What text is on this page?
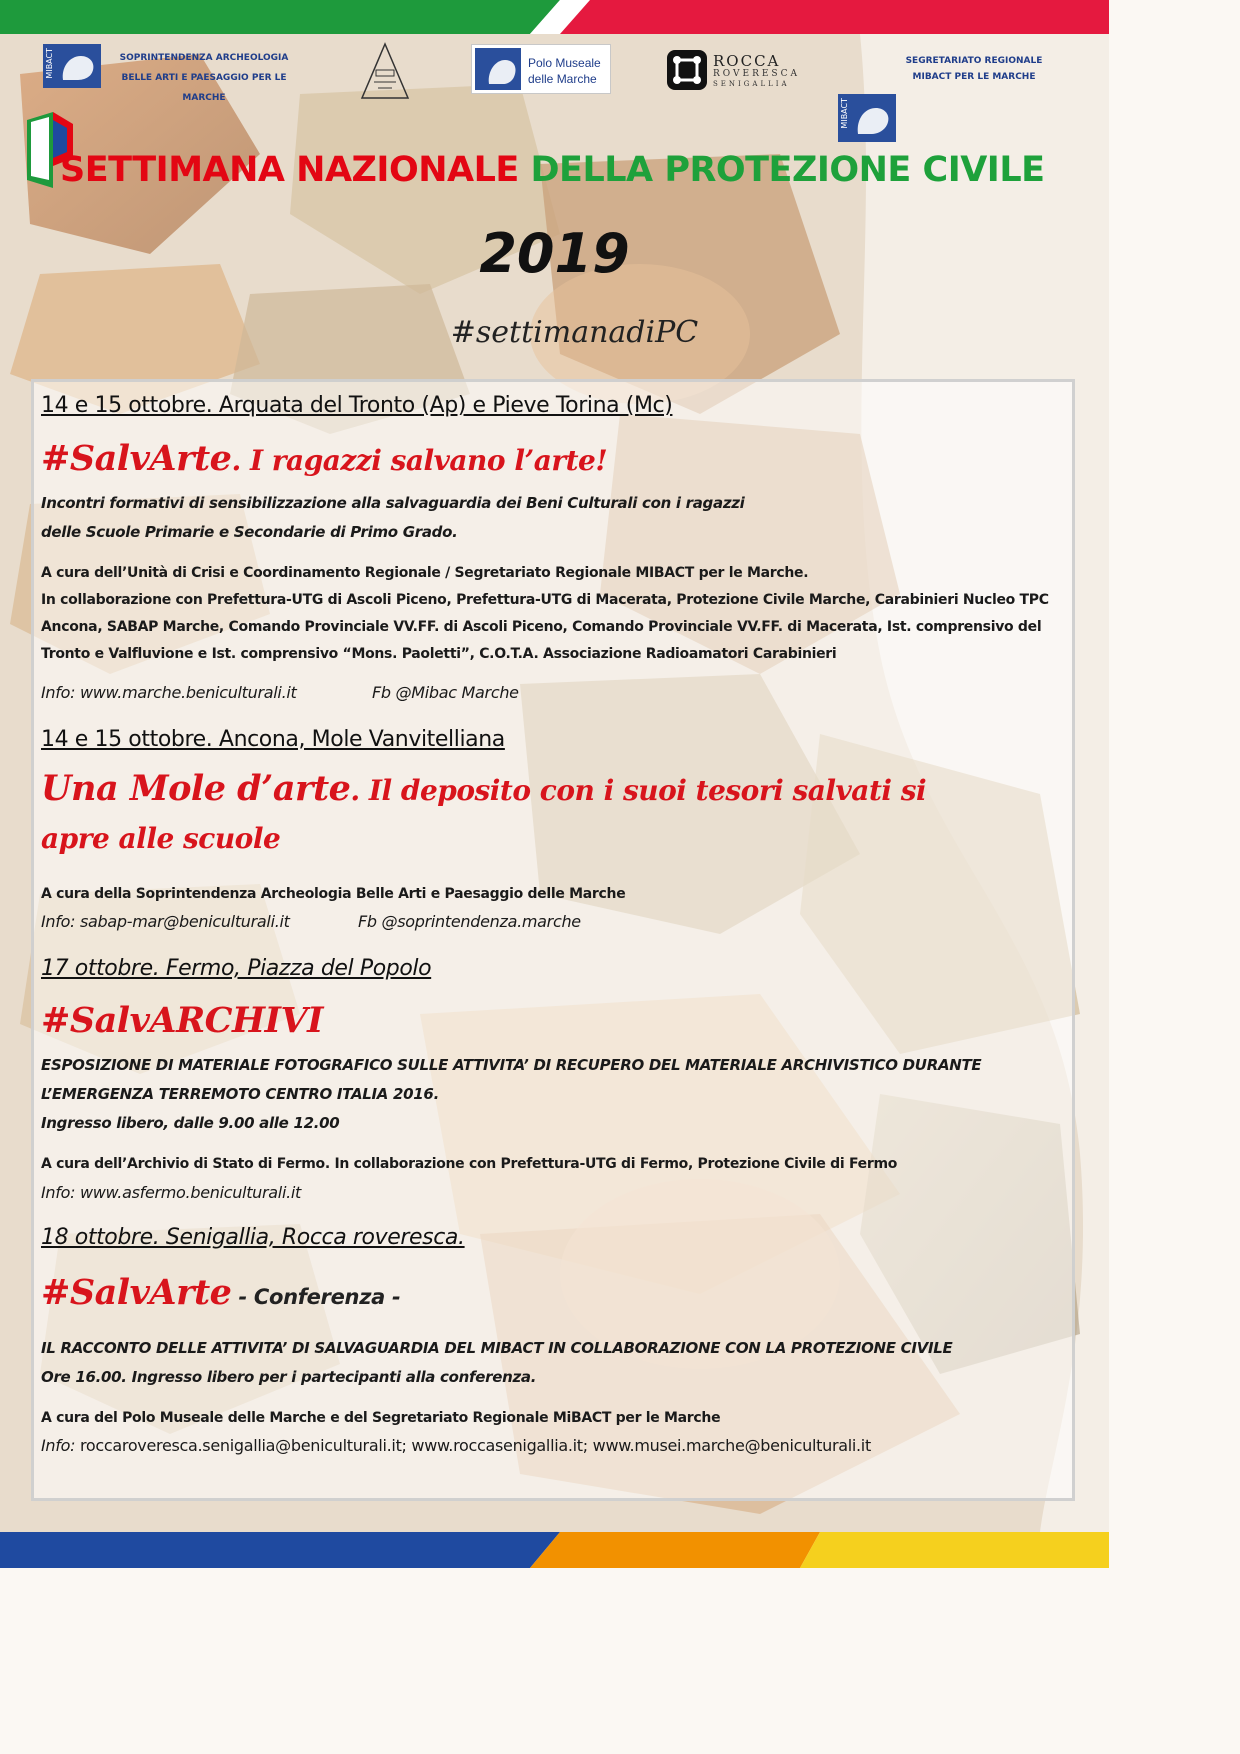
MIBACT	SOPRINTENDENZA ARCHEOLOGIA
BELLE ARTI E PAESAGGIO PER LE MARCHE
Polo Museale
delle Marche
ROCCA
ROVERESCA
SENIGALLIA
MIBACT
SEGRETARIATO REGIONALE
MIBACT PER LE MARCHE
SETTIMANA NAZIONALE DELLA PROTEZIONE CIVILE
2019
#settimanadiPC
14 e 15 ottobre. Arquata del Tronto (Ap) e Pieve Torina (Mc)
#SalvArte. I ragazzi salvano l’arte!
Incontri formativi di sensibilizzazione alla salvaguardia dei Beni Culturali con i ragazzi
delle Scuole Primarie e Secondarie di Primo Grado.
A cura dell’Unità di Crisi e Coordinamento Regionale / Segretariato Regionale MIBACT per le Marche.
In collaborazione con Prefettura-UTG di Ascoli Piceno, Prefettura-UTG di Macerata, Protezione Civile Marche, Carabinieri Nucleo TPC
Ancona, SABAP Marche, Comando Provinciale VV.FF. di Ascoli Piceno, Comando Provinciale VV.FF. di Macerata, Ist. comprensivo del
Tronto e Valfluvione e Ist. comprensivo “Mons. Paoletti”, C.O.T.A. Associazione Radioamatori Carabinieri
Info: www.marche.beniculturali.it	Fb @Mibac Marche
14 e 15 ottobre. Ancona, Mole Vanvitelliana
Una Mole d’arte. Il deposito con i suoi tesori salvati si
apre alle scuole
A cura della Soprintendenza Archeologia Belle Arti e Paesaggio delle Marche
Info: sabap-mar@beniculturali.it	Fb @soprintendenza.marche
17 ottobre. Fermo, Piazza del Popolo
#SalvARCHIVI
ESPOSIZIONE DI MATERIALE FOTOGRAFICO SULLE ATTIVITA’ DI RECUPERO DEL MATERIALE ARCHIVISTICO DURANTE
L’EMERGENZA TERREMOTO CENTRO ITALIA 2016.
Ingresso libero, dalle 9.00 alle 12.00
A cura dell’Archivio di Stato di Fermo. In collaborazione con Prefettura-UTG di Fermo, Protezione Civile di Fermo
Info: www.asfermo.beniculturali.it
18 ottobre. Senigallia, Rocca roveresca.
#SalvArte - Conferenza -
IL RACCONTO DELLE ATTIVITA’ DI SALVAGUARDIA DEL MIBACT IN COLLABORAZIONE CON LA PROTEZIONE CIVILE
Ore 16.00. Ingresso libero per i partecipanti alla conferenza.
A cura del Polo Museale delle Marche e del Segretariato Regionale MiBACT per le Marche
Info: roccaroveresca.senigallia@beniculturali.it; www.roccasenigallia.it; www.musei.marche@beniculturali.it
